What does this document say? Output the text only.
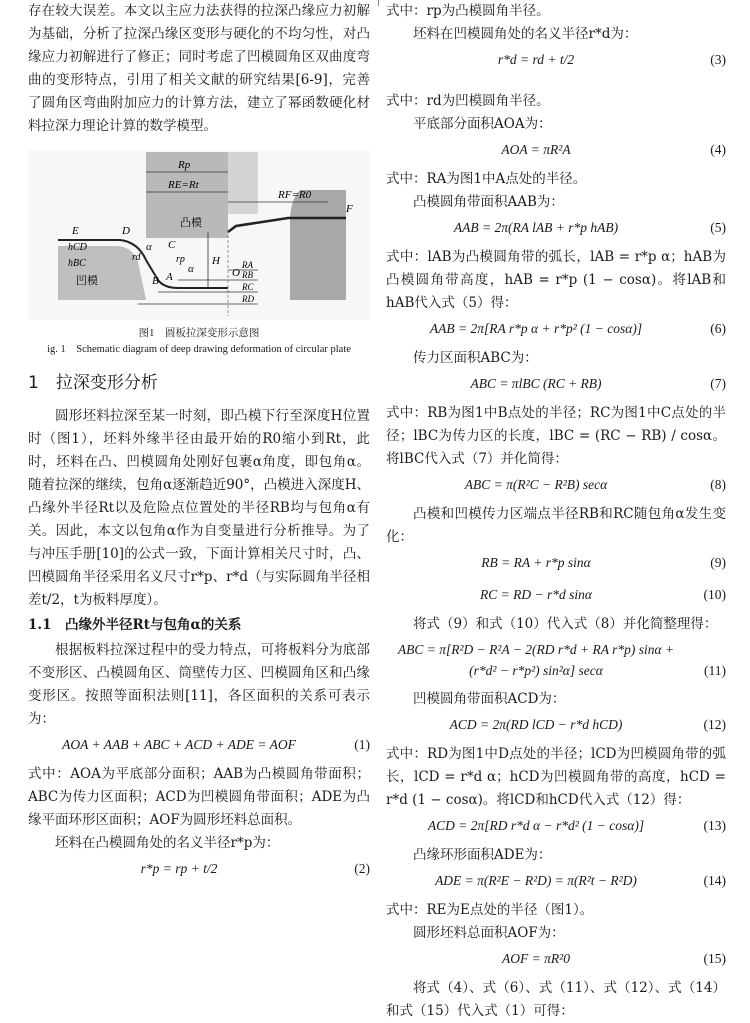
存在较大误差。本文以主应力法获得的拉深凸缘应力初解为基础，分析了拉深凸缘区变形与硬化的不均匀性，对凸缘应力初解进行了修正；同时考虑了凹模圆角区双曲度弯曲的变形特点，引用了相关文献的研究结果[6-9]，完善了圆角区弯曲附加应力的计算方法，建立了幂函数硬化材料拉深力理论计算的数学模型。

Rp
RE=Rt
RF=R0
E	D
C
F
hCD
hBC
α
α
rd	rp
凸模
凹模
H
A
B
O
RA
RB
RC
RD

图1　圆板拉深变形示意图

ig. 1　Schematic diagram of deep drawing deformation of circular plate

1　拉深变形分析

圆形坯料拉深至某一时刻，即凸模下行至深度H位置时（图1），坯料外缘半径由最开始的R0缩小到Rt，此时，坯料在凸、凹模圆角处刚好包裹α角度，即包角α。随着拉深的继续，包角α逐渐趋近90°，凸模进入深度H、凸缘外半径Rt以及危险点位置处的半径RB均与包角α有关。因此，本文以包角α作为自变量进行分析推导。为了与冲压手册[10]的公式一致，下面计算相关尺寸时，凸、凹模圆角半径采用名义尺寸r*p、r*d（与实际圆角半径相差t/2，t为板料厚度）。

1.1　凸缘外半径Rt与包角α的关系

根据板料拉深过程中的受力特点，可将板料分为底部不变形区、凸模圆角区、筒壁传力区、凹模圆角区和凸缘变形区。按照等面积法则[11]，各区面积的关系可表示为：

AOA + AAB + ABC + ACD + ADE = AOF	(1)

式中：AOA为平底部分面积；AAB为凸模圆角带面积；ABC为传力区面积；ACD为凹模圆角带面积；ADE为凸缘平面环形区面积；AOF为圆形坯料总面积。

坯料在凸模圆角处的名义半径r*p为：

r*p = rp + t/2	(2)

式中：rp为凸模圆角半径。

坯料在凹模圆角处的名义半径r*d为：

r*d = rd + t/2	(3)

式中：rd为凹模圆角半径。

平底部分面积AOA为：

AOA = πR²A	(4)

式中：RA为图1中A点处的半径。

凸模圆角带面积AAB为：

AAB = 2π(RA lAB + r*p hAB)	(5)

式中：lAB为凸模圆角带的弧长，lAB = r*p α；hAB为凸模圆角带高度，hAB = r*p (1 − cosα)。将lAB和hAB代入式（5）得：

AAB = 2π[RA r*p α + r*p² (1 − cosα)]	(6)

传力区面积ABC为：

ABC = πlBC (RC + RB)	(7)

式中：RB为图1中B点处的半径；RC为图1中C点处的半径；lBC为传力区的长度，lBC = (RC − RB) / cosα。将lBC代入式（7）并化简得：

ABC = π(R²C − R²B) secα	(8)

凸模和凹模传力区端点半径RB和RC随包角α发生变化：

RB = RA + r*p sinα	(9)
RC = RD − r*d sinα	(10)

将式（9）和式（10）代入式（8）并化简整理得：

ABC = π[R²D − R²A − 2(RD r*d + RA r*p) sinα +
(r*d² − r*p²) sin²α] secα	(11)

凹模圆角带面积ACD为：

ACD = 2π(RD lCD − r*d hCD)	(12)

式中：RD为图1中D点处的半径；lCD为凹模圆角带的弧长，lCD = r*d α；hCD为凹模圆角带的高度，hCD = r*d (1 − cosα)。将lCD和hCD代入式（12）得：

ACD = 2π[RD r*d α − r*d² (1 − cosα)]	(13)

凸缘环形面积ADE为：

ADE = π(R²E − R²D) = π(R²t − R²D)	(14)

式中：RE为E点处的半径（图1）。

圆形坯料总面积AOF为：

AOF = πR²0	(15)

将式（4）、式（6）、式（11）、式（12）、式（14）和式（15）代入式（1）可得：
